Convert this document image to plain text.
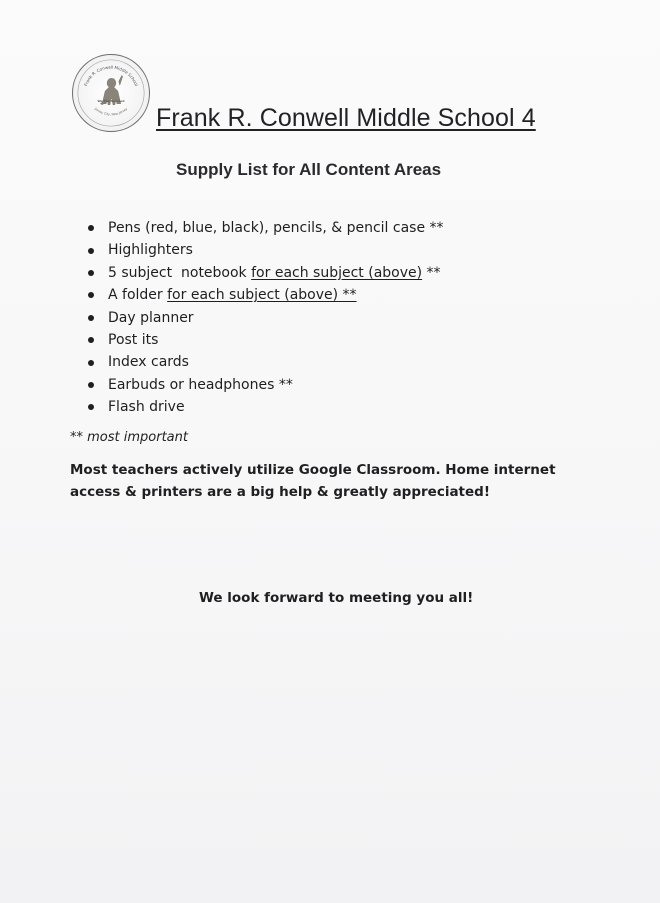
Frank R. Conwell Middle School
Jersey City, New Jersey
We Can Succeed
Frank R. Conwell Middle School 4
Supply List for All Content Areas
Pens (red, blue, black), pencils, & pencil case **
Highlighters
5 subject  notebook for each subject (above) **
A folder for each subject (above) **
Day planner
Post its
Index cards
Earbuds or headphones **
Flash drive
** most important

Most teachers actively utilize Google Classroom. Home internet
access & printers are a big help & greatly appreciated!

We look forward to meeting you all!
